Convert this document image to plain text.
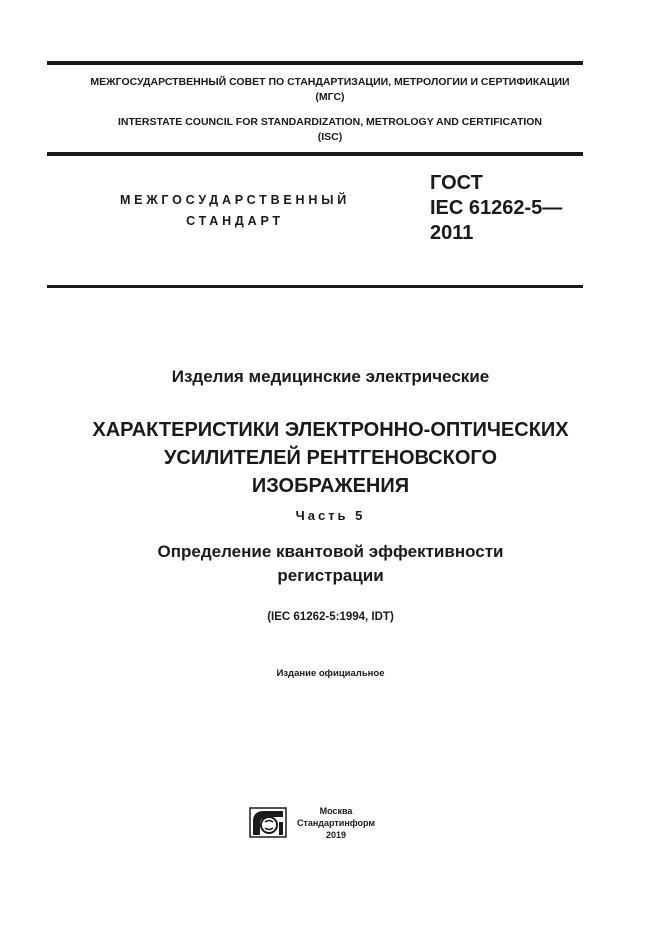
МЕЖГОСУДАРСТВЕННЫЙ СОВЕТ ПО СТАНДАРТИЗАЦИИ, МЕТРОЛОГИИ И СЕРТИФИКАЦИИ
(МГС)
INTERSTATE COUNCIL FOR STANDARDIZATION, METROLOGY AND CERTIFICATION
(ISC)
МЕЖГОСУДАРСТВЕННЫЙ
СТАНДАРТ
ГОСТ
IEC 61262-5—
2011
Изделия медицинские электрические
ХАРАКТЕРИСТИКИ ЭЛЕКТРОННО-ОПТИЧЕСКИХ
УСИЛИТЕЛЕЙ РЕНТГЕНОВСКОГО
ИЗОБРАЖЕНИЯ
Часть 5
Определение квантовой эффективности
регистрации
(IEC 61262-5:1994, IDT)
Издание официальное
Москва
Стандартинформ
2019
